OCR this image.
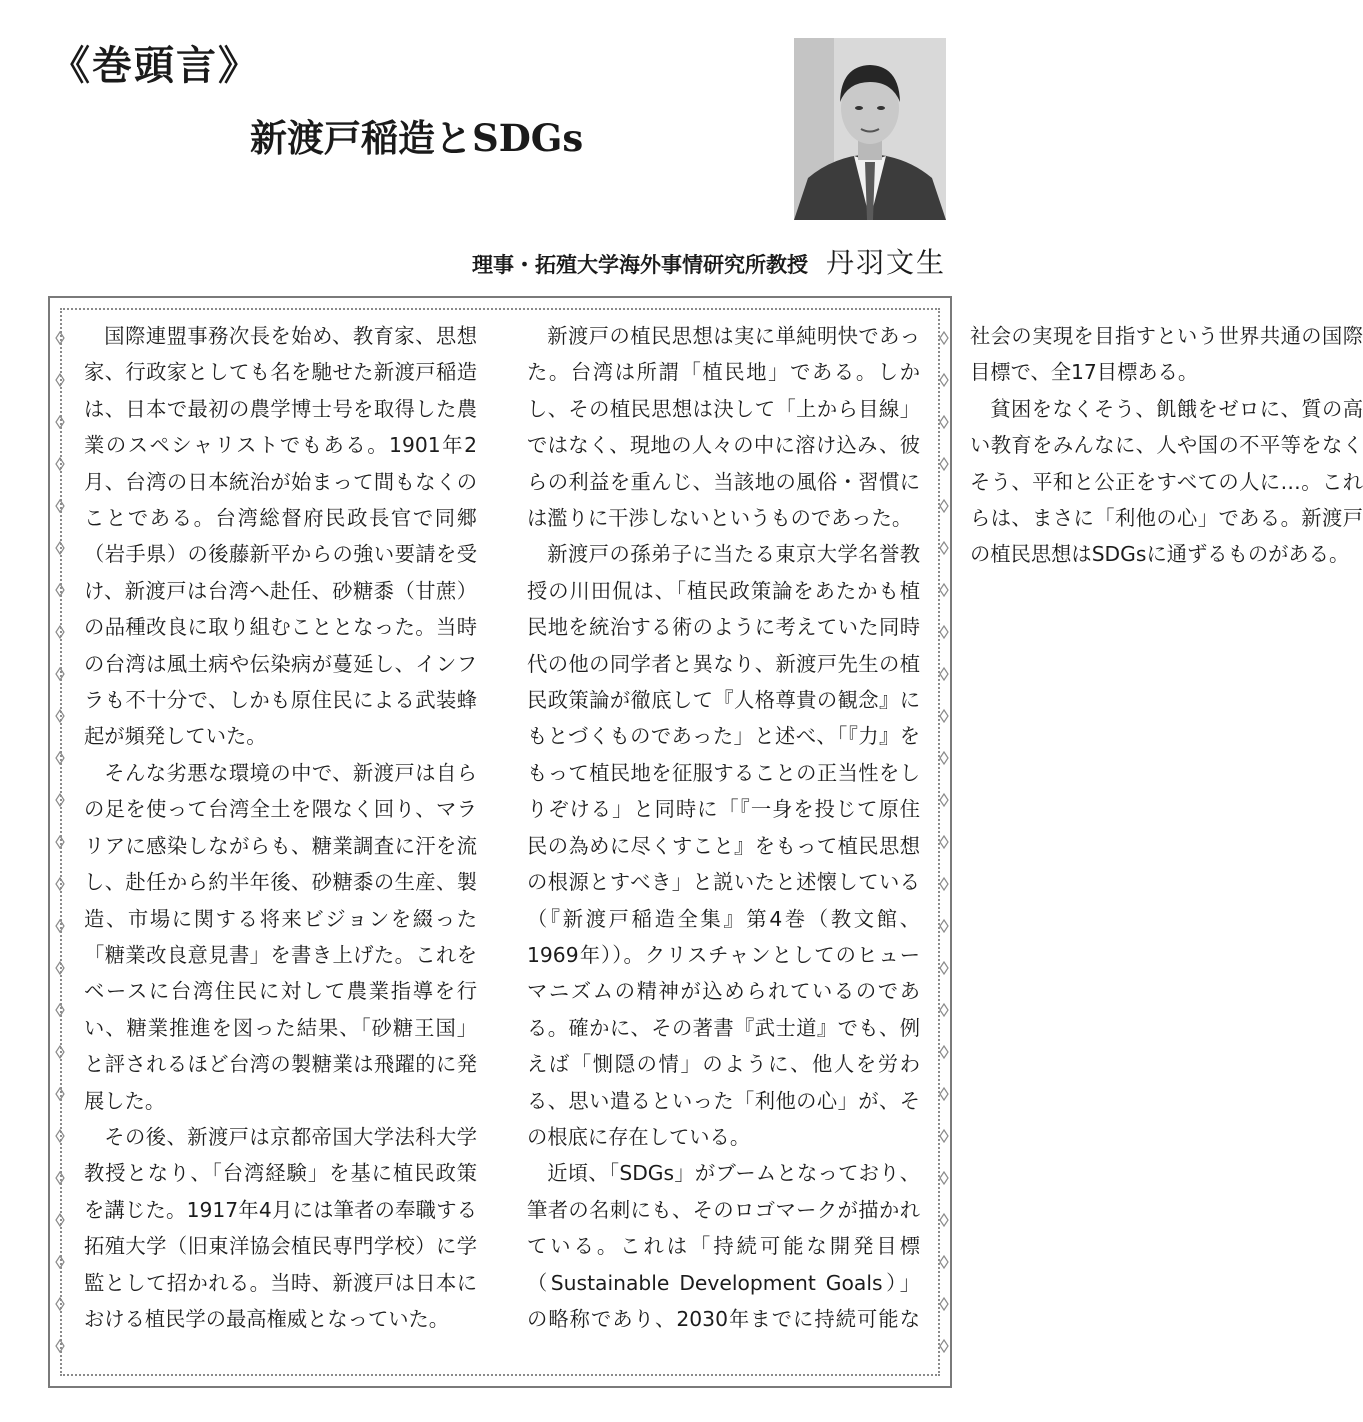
《巻頭言》
新渡戸稲造とSDGs
理事・拓殖大学海外事情研究所教授 丹羽文生

国際連盟事務次長を始め、教育家、思想家、行政家としても名を馳せた新渡戸稲造は、日本で最初の農学博士号を取得した農業のスペシャリストでもある。1901年2月、台湾の日本統治が始まって間もなくのことである。台湾総督府民政長官で同郷（岩手県）の後藤新平からの強い要請を受け、新渡戸は台湾へ赴任、砂糖黍（甘蔗）の品種改良に取り組むこととなった。当時の台湾は風土病や伝染病が蔓延し、インフラも不十分で、しかも原住民による武装蜂起が頻発していた。

そんな劣悪な環境の中で、新渡戸は自らの足を使って台湾全土を隈なく回り、マラリアに感染しながらも、糖業調査に汗を流し、赴任から約半年後、砂糖黍の生産、製造、市場に関する将来ビジョンを綴った「糖業改良意見書」を書き上げた。これをベースに台湾住民に対して農業指導を行い、糖業推進を図った結果、「砂糖王国」と評されるほど台湾の製糖業は飛躍的に発展した。

その後、新渡戸は京都帝国大学法科大学教授となり、「台湾経験」を基に植民政策を講じた。1917年4月には筆者の奉職する拓殖大学（旧東洋協会植民専門学校）に学監として招かれる。当時、新渡戸は日本における植民学の最高権威となっていた。

新渡戸の植民思想は実に単純明快であった。台湾は所謂「植民地」である。しかし、その植民思想は決して「上から目線」ではなく、現地の人々の中に溶け込み、彼らの利益を重んじ、当該地の風俗・習慣には濫りに干渉しないというものであった。

新渡戸の孫弟子に当たる東京大学名誉教授の川田侃は、「植民政策論をあたかも植民地を統治する術のように考えていた同時代の他の同学者と異なり、新渡戸先生の植民政策論が徹底して『人格尊貴の観念』にもとづくものであった」と述べ、「『力』をもって植民地を征服することの正当性をしりぞける」と同時に「『一身を投じて原住民の為めに尽くすこと』をもって植民思想の根源とすべき」と説いたと述懐している（『新渡戸稲造全集』第4巻（教文館、1969年））。クリスチャンとしてのヒューマニズムの精神が込められているのである。確かに、その著書『武士道』でも、例えば「惻隠の情」のように、他人を労わる、思い遣るといった「利他の心」が、その根底に存在している。

近頃、「SDGs」がブームとなっており、筆者の名刺にも、そのロゴマークが描かれている。これは「持続可能な開発目標（Sustainable Development Goals）」の略称であり、2030年までに持続可能な社会の実現を目指すという世界共通の国際目標で、全17目標ある。

貧困をなくそう、飢餓をゼロに、質の高い教育をみんなに、人や国の不平等をなくそう、平和と公正をすべての人に…。これらは、まさに「利他の心」である。新渡戸の植民思想はSDGsに通ずるものがある。
